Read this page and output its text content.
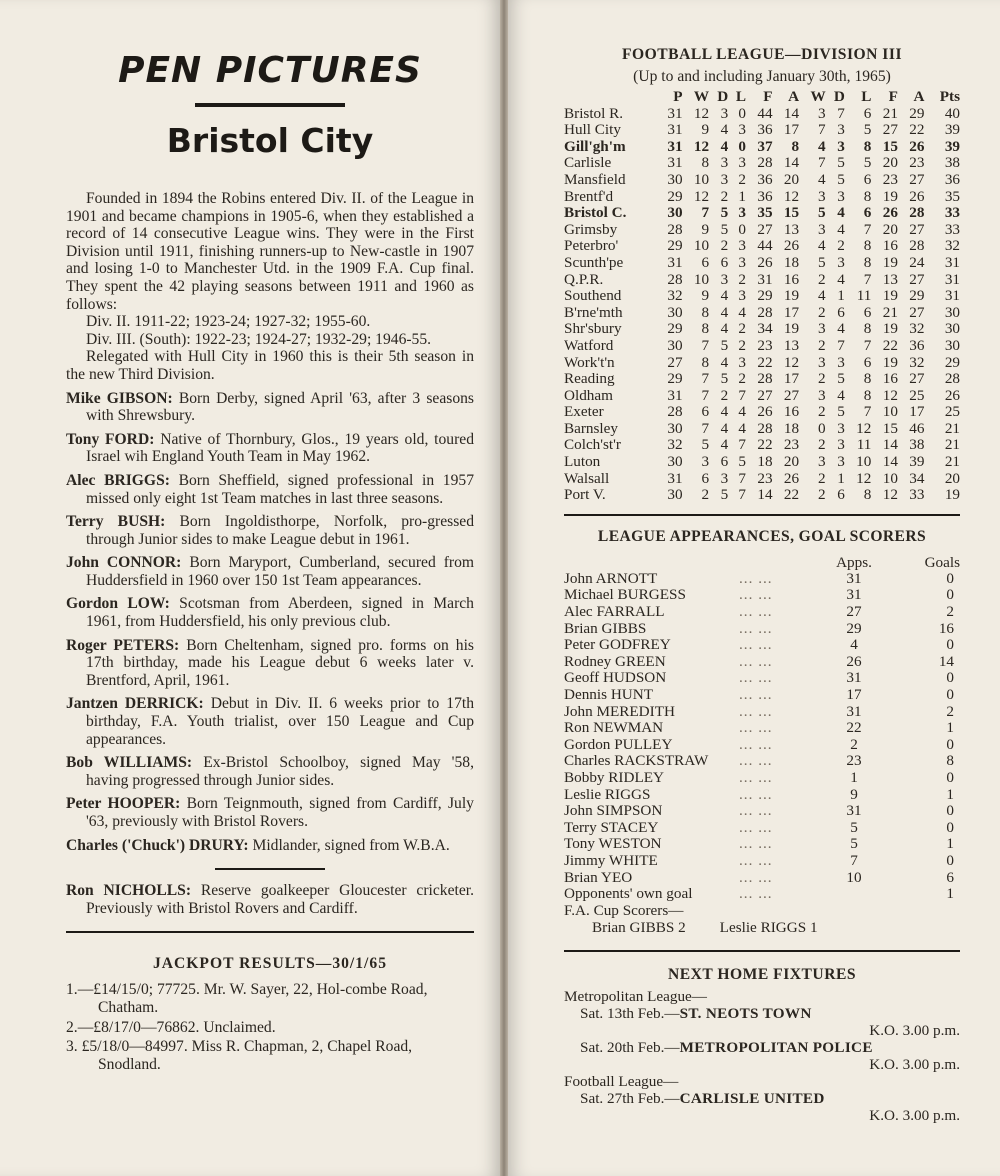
PEN PICTURES
Bristol City

Founded in 1894 the Robins entered Div. II. of the League in 1901 and became champions in 1905-6, when they established a record of 14 consecutive League wins. They were in the First Division until 1911, finishing runners-up to New-castle in 1907 and losing 1-0 to Manchester Utd. in the 1909 F.A. Cup final. They spent the 42 playing seasons between 1911 and 1960 as follows:

Div. II. 1911-22; 1923-24; 1927-32; 1955-60.

Div. III. (South): 1922-23; 1924-27; 1932-29; 1946-55.

Relegated with Hull City in 1960 this is their 5th season in the new Third Division.

Mike GIBSON: Born Derby, signed April '63, after 3 seasons with Shrewsbury.

Tony FORD: Native of Thornbury, Glos., 19 years old, toured Israel wih England Youth Team in May 1962.

Alec BRIGGS: Born Sheffield, signed professional in 1957 missed only eight 1st Team matches in last three seasons.

Terry BUSH: Born Ingoldisthorpe, Norfolk, pro-gressed through Junior sides to make League debut in 1961.

John CONNOR: Born Maryport, Cumberland, secured from Huddersfield in 1960 over 150 1st Team appearances.

Gordon LOW: Scotsman from Aberdeen, signed in March 1961, from Huddersfield, his only previous club.

Roger PETERS: Born Cheltenham, signed pro. forms on his 17th birthday, made his League debut 6 weeks later v. Brentford, April, 1961.

Jantzen DERRICK: Debut in Div. II. 6 weeks prior to 17th birthday, F.A. Youth trialist, over 150 League and Cup appearances.

Bob WILLIAMS: Ex-Bristol Schoolboy, signed May '58, having progressed through Junior sides.

Peter HOOPER: Born Teignmouth, signed from Cardiff, July '63, previously with Bristol Rovers.

Charles ('Chuck') DRURY: Midlander, signed from W.B.A.

Ron NICHOLLS: Reserve goalkeeper Gloucester cricketer. Previously with Bristol Rovers and Cardiff.

JACKPOT RESULTS—30/1/65

1.—£14/15/0; 77725. Mr. W. Sayer, 22, Hol-combe Road, Chatham.

2.—£8/17/0—76862. Unclaimed.

3. £5/18/0—84997. Miss R. Chapman, 2, Chapel Road, Snodland.

FOOTBALL LEAGUE—DIVISION III
(Up to and including January 30th, 1965)
	P	W	D	L	F	A	W	D	L	F	A	Pts
Bristol R.	31	12	3	0	44	14	3	7	6	21	29	40
Hull City	31	9	4	3	36	17	7	3	5	27	22	39
Gill'gh'm	31	12	4	0	37	8	4	3	8	15	26	39
Carlisle	31	8	3	3	28	14	7	5	5	20	23	38
Mansfield	30	10	3	2	36	20	4	5	6	23	27	36
Brentf'd	29	12	2	1	36	12	3	3	8	19	26	35
Bristol C.	30	7	5	3	35	15	5	4	6	26	28	33
Grimsby	28	9	5	0	27	13	3	4	7	20	27	33
Peterbro'	29	10	2	3	44	26	4	2	8	16	28	32
Scunth'pe	31	6	6	3	26	18	5	3	8	19	24	31
Q.P.R.	28	10	3	2	31	16	2	4	7	13	27	31
Southend	32	9	4	3	29	19	4	1	11	19	29	31
B'rne'mth	30	8	4	4	28	17	2	6	6	21	27	30
Shr'sbury	29	8	4	2	34	19	3	4	8	19	32	30
Watford	30	7	5	2	23	13	2	7	7	22	36	30
Work't'n	27	8	4	3	22	12	3	3	6	19	32	29
Reading	29	7	5	2	28	17	2	5	8	16	27	28
Oldham	31	7	2	7	27	27	3	4	8	12	25	26
Exeter	28	6	4	4	26	16	2	5	7	10	17	25
Barnsley	30	7	4	4	28	18	0	3	12	15	46	21
Colch'st'r	32	5	4	7	22	23	2	3	11	14	38	21
Luton	30	3	6	5	18	20	3	3	10	14	39	21
Walsall	31	6	3	7	23	26	2	1	12	10	34	20
Port V.	30	2	5	7	14	22	2	6	8	12	33	19
LEAGUE APPEARANCES, GOAL SCORERS
		Apps.	Goals
John ARNOTT	... ...	31	0
Michael BURGESS	... ...	31	0
Alec FARRALL	... ...	27	2
Brian GIBBS	... ...	29	16
Peter GODFREY	... ...	4	0
Rodney GREEN	... ...	26	14
Geoff HUDSON	... ...	31	0
Dennis HUNT	... ...	17	0
John MEREDITH	... ...	31	2
Ron NEWMAN	... ...	22	1
Gordon PULLEY	... ...	2	0
Charles RACKSTRAW	... ...	23	8
Bobby RIDLEY	... ...	1	0
Leslie RIGGS	... ...	9	1
John SIMPSON	... ...	31	0
Terry STACEY	... ...	5	0
Tony WESTON	... ...	5	1
Jimmy WHITE	... ...	7	0
Brian YEO	... ...	10	6
Opponents' own goal	... ...		1

F.A. Cup Scorers—

Brian GIBBS 2 Leslie RIGGS 1

NEXT HOME FIXTURES

Metropolitan League—

Sat. 13th Feb.—ST. NEOTS TOWN

K.O. 3.00 p.m.

Sat. 20th Feb.—METROPOLITAN POLICE

K.O. 3.00 p.m.

Football League—

Sat. 27th Feb.—CARLISLE UNITED

K.O. 3.00 p.m.
